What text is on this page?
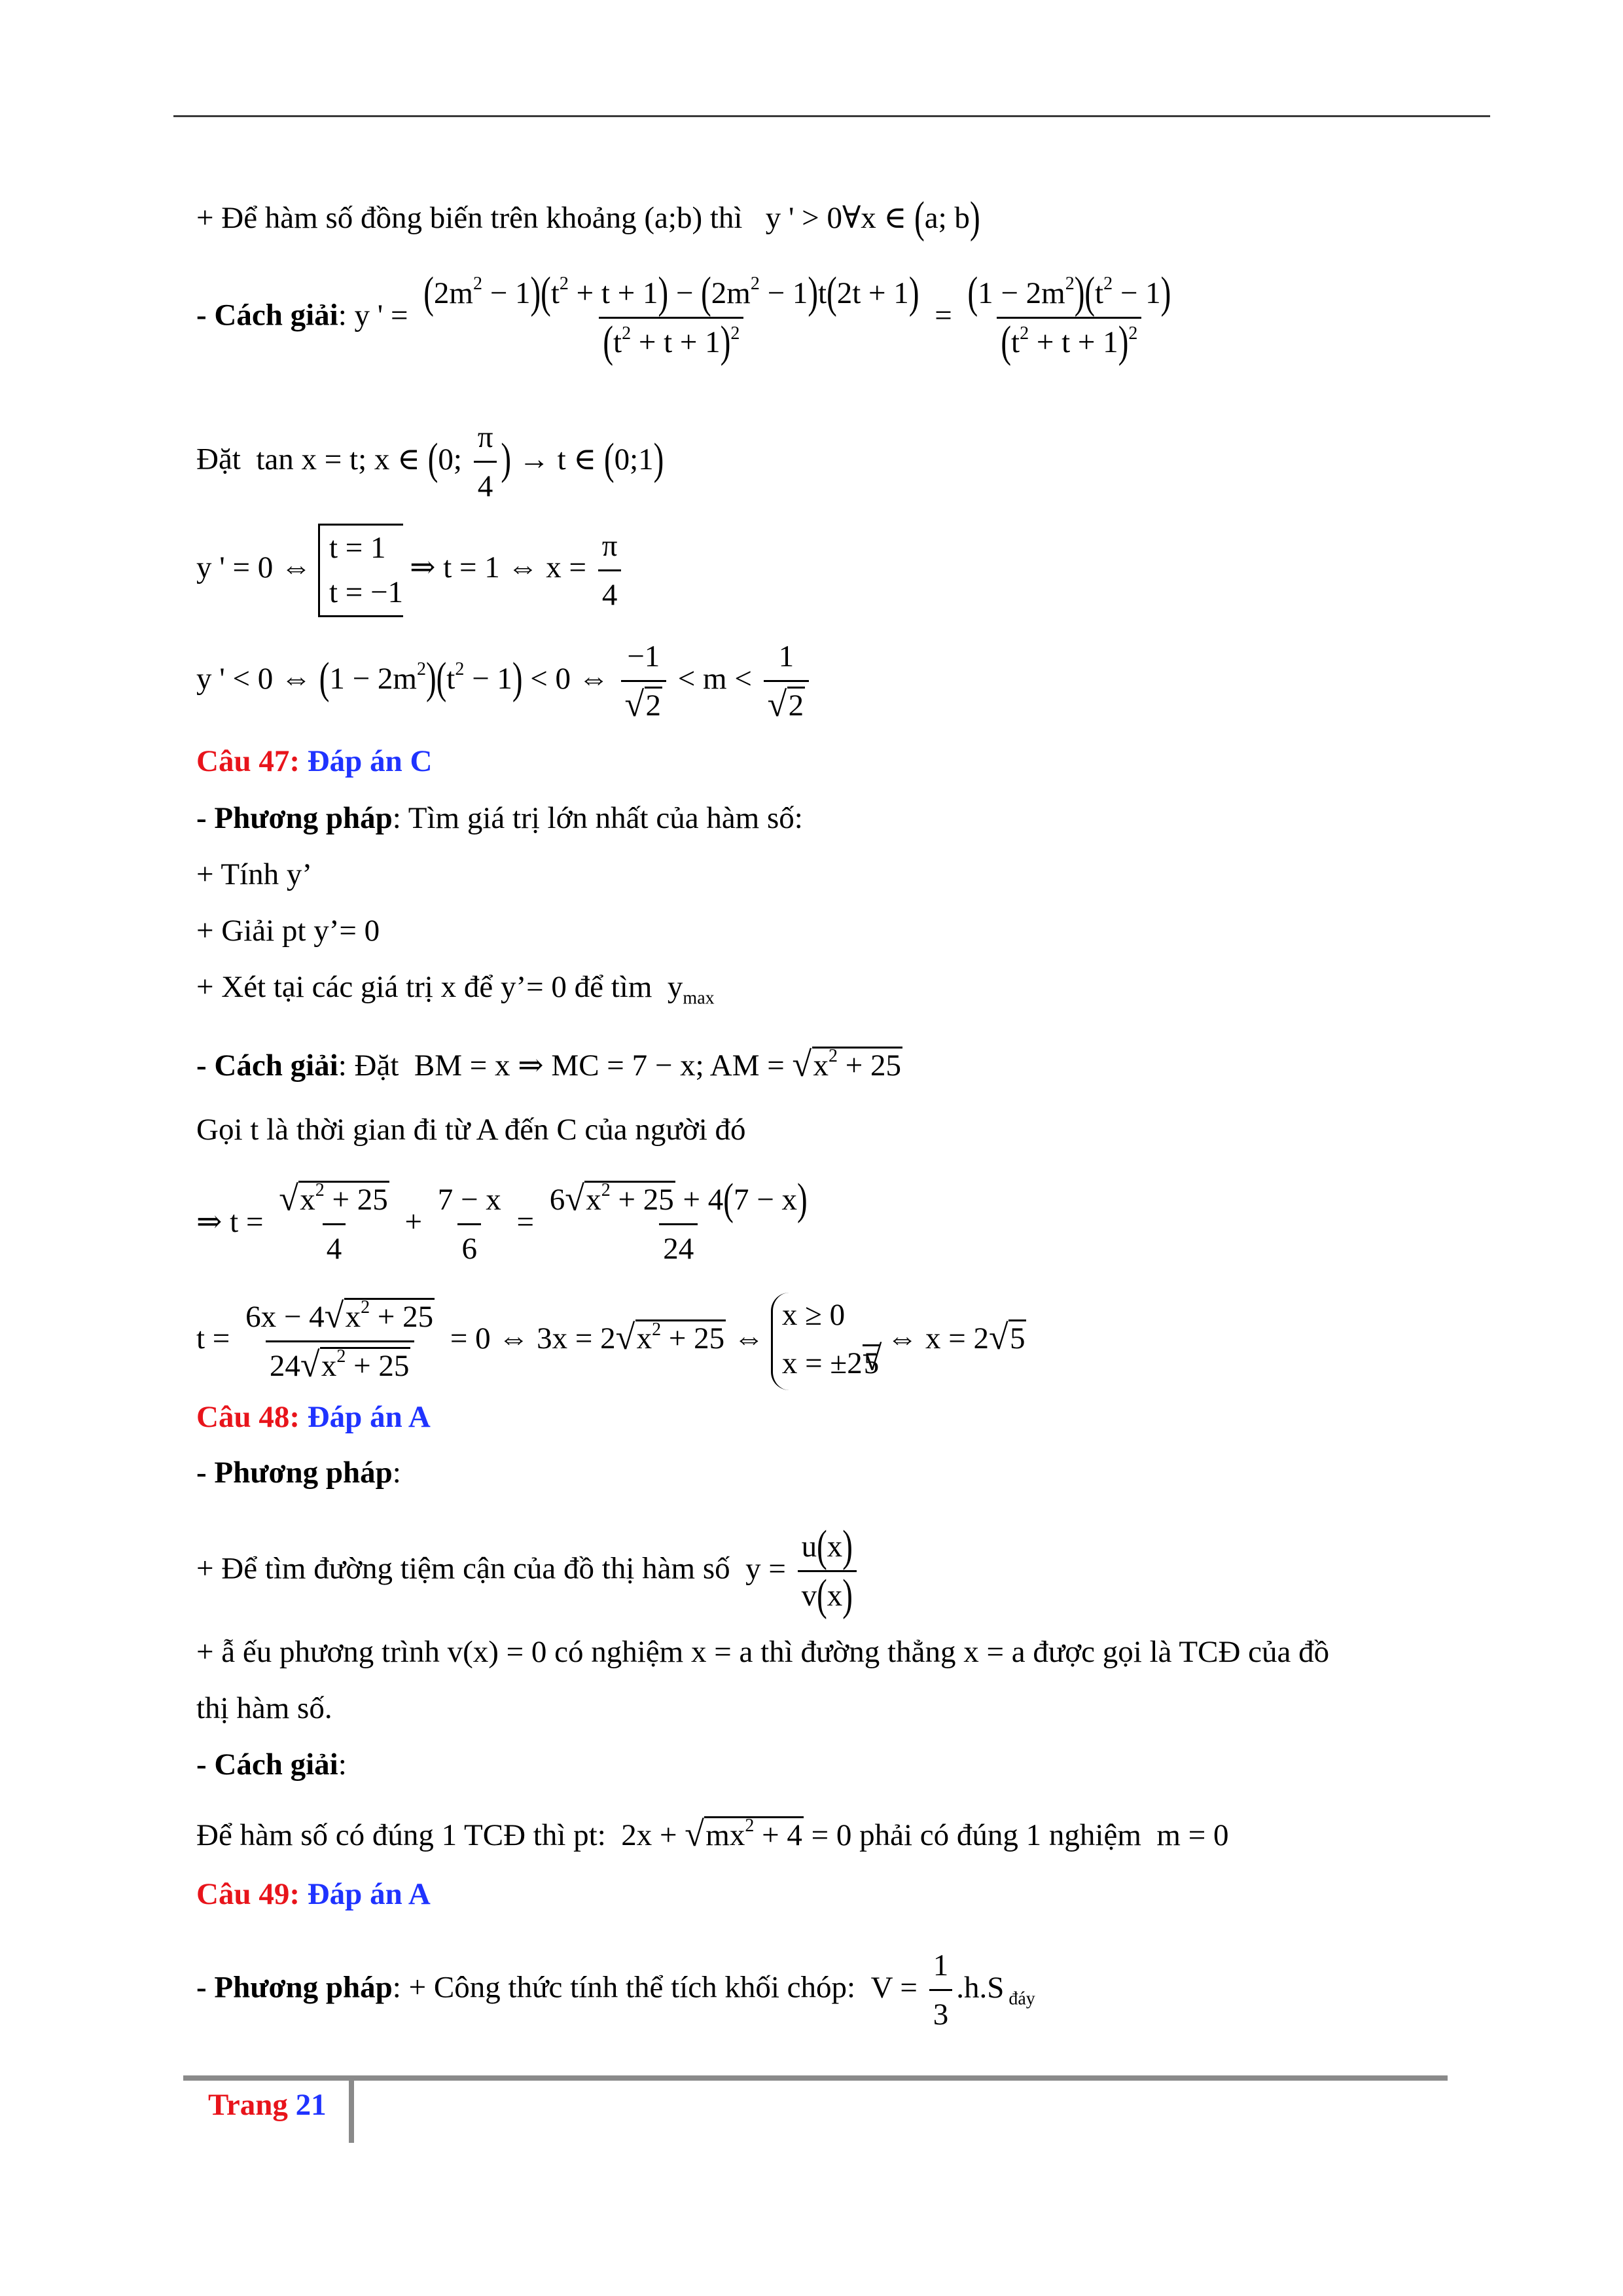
+ Để hàm số đồng biến trên khoảng (a;b) thì   y ' > 0∀x ∈ (a; b)
- Cách giải: y ' = $\frac{(2m^2 - 1)(t^2 + t + 1) - (2m^2 - 1)t(2t + 1)}{(t^2 + t + 1)^2} = \frac{(1 - 2m^2)(t^2 - 1)}{(t^2 + t + 1)^2}$
Đặt  tan x = t; x ∈ (0; $\frac{\pi}{4}$ ) → t ∈ (0;1)
y ' = 0 ⇔
t = 1
t = −1
⇒ t = 1 ⇔ $x = \frac{\pi}{4}$
y ' < 0 ⇔ $(1 - 2m^2)(t^2 - 1) < 0$ ⇔ −1
√ 2 < m < 1
√ 2
Câu 47: Đáp án C
- Phương pháp: Tìm giá trị lớn nhất của hàm số:
+ Tính y’
+ Giải pt y’= 0
+ Xét tại các giá trị x để y’= 0 để tìm  $y_{max}$
- Cách giải: Đặt  BM = x ⇒ MC = 7 − x; AM = √ $x^2 + 25$
Gọi t là thời gian đi từ A đến C của người đó
⇒ t = √ $\frac{x^2 + 25}{4} + \frac{7 - x}{6} = \frac{6 √ x^2 + 25 + 4(7 - x)}{24}$
$t = \frac{6x - 4 √ x^2 + 25}{24 √ x^2 + 25} = 0$ ⇔ 3x = 2 √ $x^2 + 25$ ⇔
x ≥ 0
x = ±2√ 5
⇔ x = 2 √ 5
Câu 48: Đáp án A
- Phương pháp:
+ Để tìm đường tiệm cận của đồ thị hàm số  $y = \frac{u(x)}{v(x)}$
+ ẫ ếu phương trình v(x) = 0 có nghiệm x = a thì đường thẳng x = a được gọi là TCĐ của đồ
thị hàm số.
- Cách giải:
Để hàm số có đúng 1 TCĐ thì pt:  2x + √ $mx^2 + 4 = 0$ phải có đúng 1 nghiệm  m = 0
Câu 49: Đáp án A
- Phương pháp: + Công thức tính thể tích khối chóp:  $V = \frac{1}{3} .h.S$ $_{đáy}$
Trang 21
